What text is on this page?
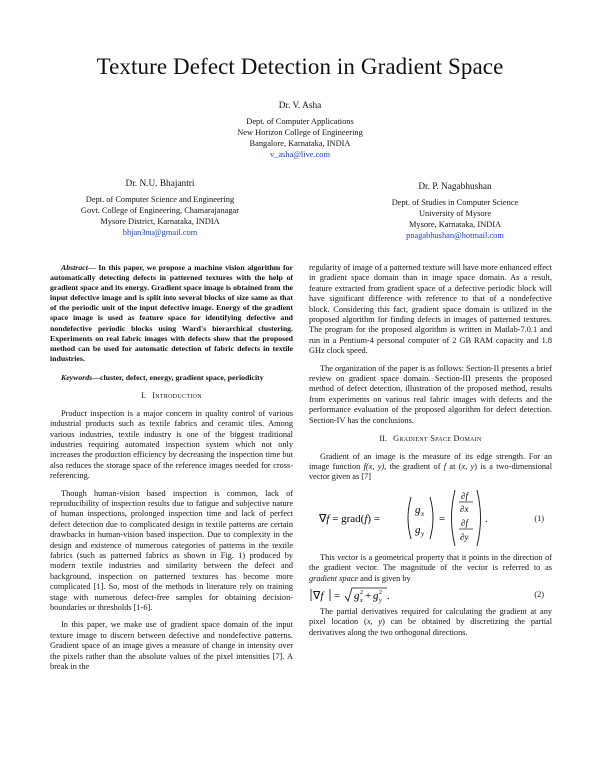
Texture Defect Detection in Gradient Space
Dr. V. Asha
Dept. of Computer Applications
New Horizon College of Engineering
Bangalore, Karnataka, INDIA
v_asha@live.com
Dr. N.U. Bhajantri
Dept. of Computer Science and Engineering
Govt. College of Engineering, Chamarajanagar
Mysore District, Karnataka, INDIA
bhjan3nu@gmail.com
Dr. P. Nagabhushan
Dept. of Studies in Computer Science
University of Mysore
Mysore, Karnataka, INDIA
pnagabhushan@hotmail.com

Abstract— In this paper, we propose a machine vision algorithm for automatically detecting defects in patterned textures with the help of gradient space and its energy. Gradient space image is obtained from the input defective image and is split into several blocks of size same as that of the periodic unit of the input defective image. Energy of the gradient space image is used as feature space for identifying defective and nondefective periodic blocks using Ward's hierarchical clustering. Experiments on real fabric images with defects show that the proposed method can be used for automatic detection of fabric defects in textile industries.

Keywords—cluster, defect, energy, gradient space, periodicity

I. Introduction

Product inspection is a major concern in quality control of various industrial products such as textile fabrics and ceramic tiles. Among various industries, textile industry is one of the biggest traditional industries requiring automated inspection system which not only increases the production efficiency by decreasing the inspection time but also reduces the storage space of the reference images needed for cross-referencing.

Though human-vision based inspection is common, lack of reproducibility of inspection results due to fatigue and subjective nature of human inspections, prolonged inspection time and lack of perfect defect detection due to complicated design in textile patterns are certain drawbacks in human-vision based inspection. Due to complexity in the design and existence of numerous categories of patterns in the textile fabrics (such as patterned fabrics as shown in Fig. 1) produced by modern textile industries and similarity between the defect and background, inspection on patterned textures has become more complicated [1]. So, most of the methods in literature rely on training stage with numerous defect-free samples for obtaining decision-boundaries or thresholds [1-6].

In this paper, we make use of gradient space domain of the input texture image to discern between defective and nondefective patterns. Gradient space of an image gives a measure of change in intensity over the pixels rather than the absolute values of the pixel intensities [7]. A break in the

regularity of image of a patterned texture will have more enhanced effect in gradient space domain than in image space domain. As a result, feature extracted from gradient space of a defective periodic block will have significant difference with reference to that of a nondefective block. Considering this fact, gradient space domain is utilized in the proposed algorithm for finding defects in images of patterned textures. The program for the proposed algorithm is written in Matlab-7.0.1 and run in a Pentium-4 personal computer of 2 GB RAM capacity and 1.8 GHz clock speed.

The organization of the paper is as follows: Section-II presents a brief review on gradient space domain. Section-III presents the proposed method of defect detection, illustration of the proposed method, results from experiments on various real fabric images with defects and the performance evaluation of the proposed algorithm for defect detection. Section-IV has the conclusions.

II. Gradient Space Domain

Gradient of an image is the measure of its edge strength. For an image function f(x, y), the gradient of f at (x, y) is a two-dimensional vector given as [7]

∇f = grad(f) =
g x
g y
=
∂f
∂x
∂f
∂y
.	(1)

This vector is a geometrical property that it points in the direction of the gradient vector. The magnitude of the vector is referred to as gradient space and is given by

∇f = g 2
x + g 2
y .	(2)

The partial derivatives required for calculating the gradient at any pixel location (x, y) can be obtained by discretizing the partial derivatives along the two orthogonal directions.
